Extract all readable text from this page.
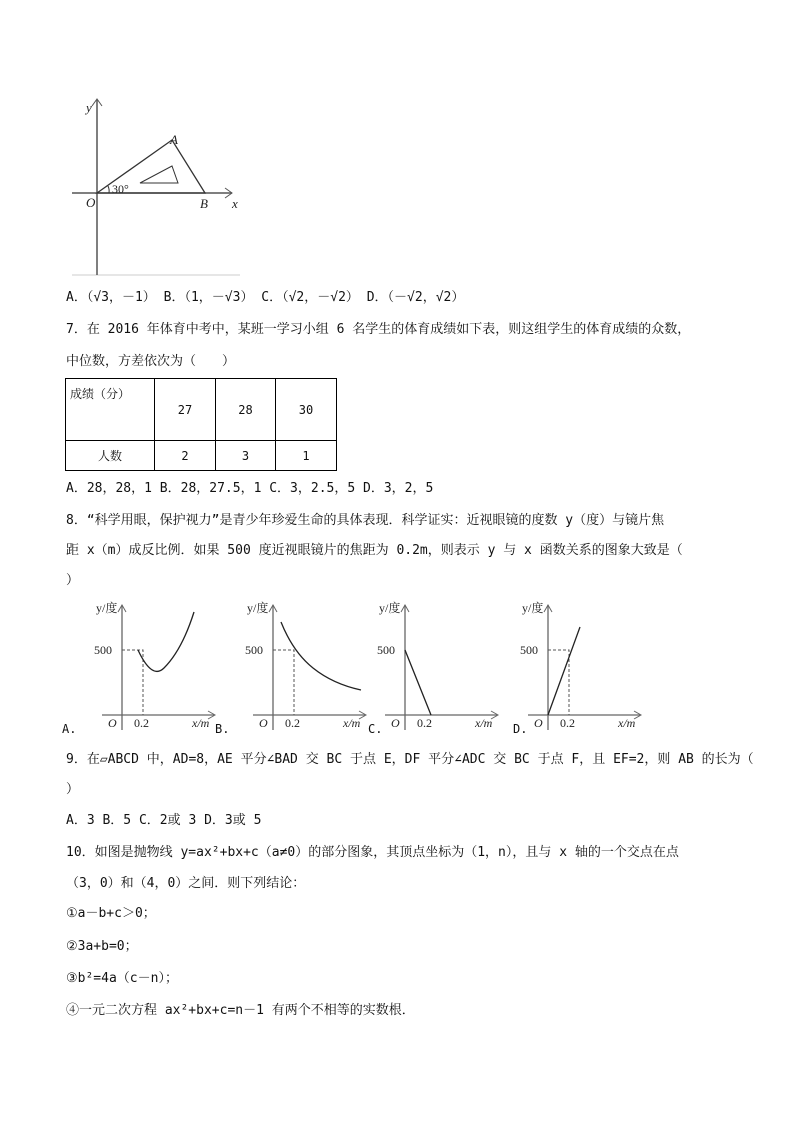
y
x
O
A
B
30°
A．（√3，－1） B．（1，－√3） C．（√2，－√2） D．（－√2，√2）
7．在 2016 年体育中考中，某班一学习小组 6 名学生的体育成绩如下表，则这组学生的体育成绩的众数，
中位数，方差依次为（　　）
成绩（分）	27	28	30
人数	2	3	1
A．28，28，1 B．28，27.5，1 C．3，2.5，5 D．3，2，5
8．“科学用眼，保护视力”是青少年珍爱生命的具体表现．科学证实：近视眼镜的度数 y（度）与镜片焦
距 x（m）成反比例．如果 500 度近视眼镜片的焦距为 0.2m，则表示 y 与 x 函数关系的图象大致是（
）
y/度
500
0.2
O	x/m
A.
y/度
500
0.2
O	x/m
B.
y/度
500
0.2
O	x/m
C.
y/度
500
0.2
O	x/m
D.
9．在▱ABCD 中，AD=8，AE 平分∠BAD 交 BC 于点 E，DF 平分∠ADC 交 BC 于点 F，且 EF=2，则 AB 的长为（
）
A．3 B．5 C．2或 3 D．3或 5
10．如图是抛物线 y=ax²+bx+c（a≠0）的部分图象，其顶点坐标为（1，n），且与 x 轴的一个交点在点
（3，0）和（4，0）之间．则下列结论：
①a－b+c＞0；
②3a+b=0；
③b²=4a（c－n）；
④一元二次方程 ax²+bx+c=n－1 有两个不相等的实数根．
